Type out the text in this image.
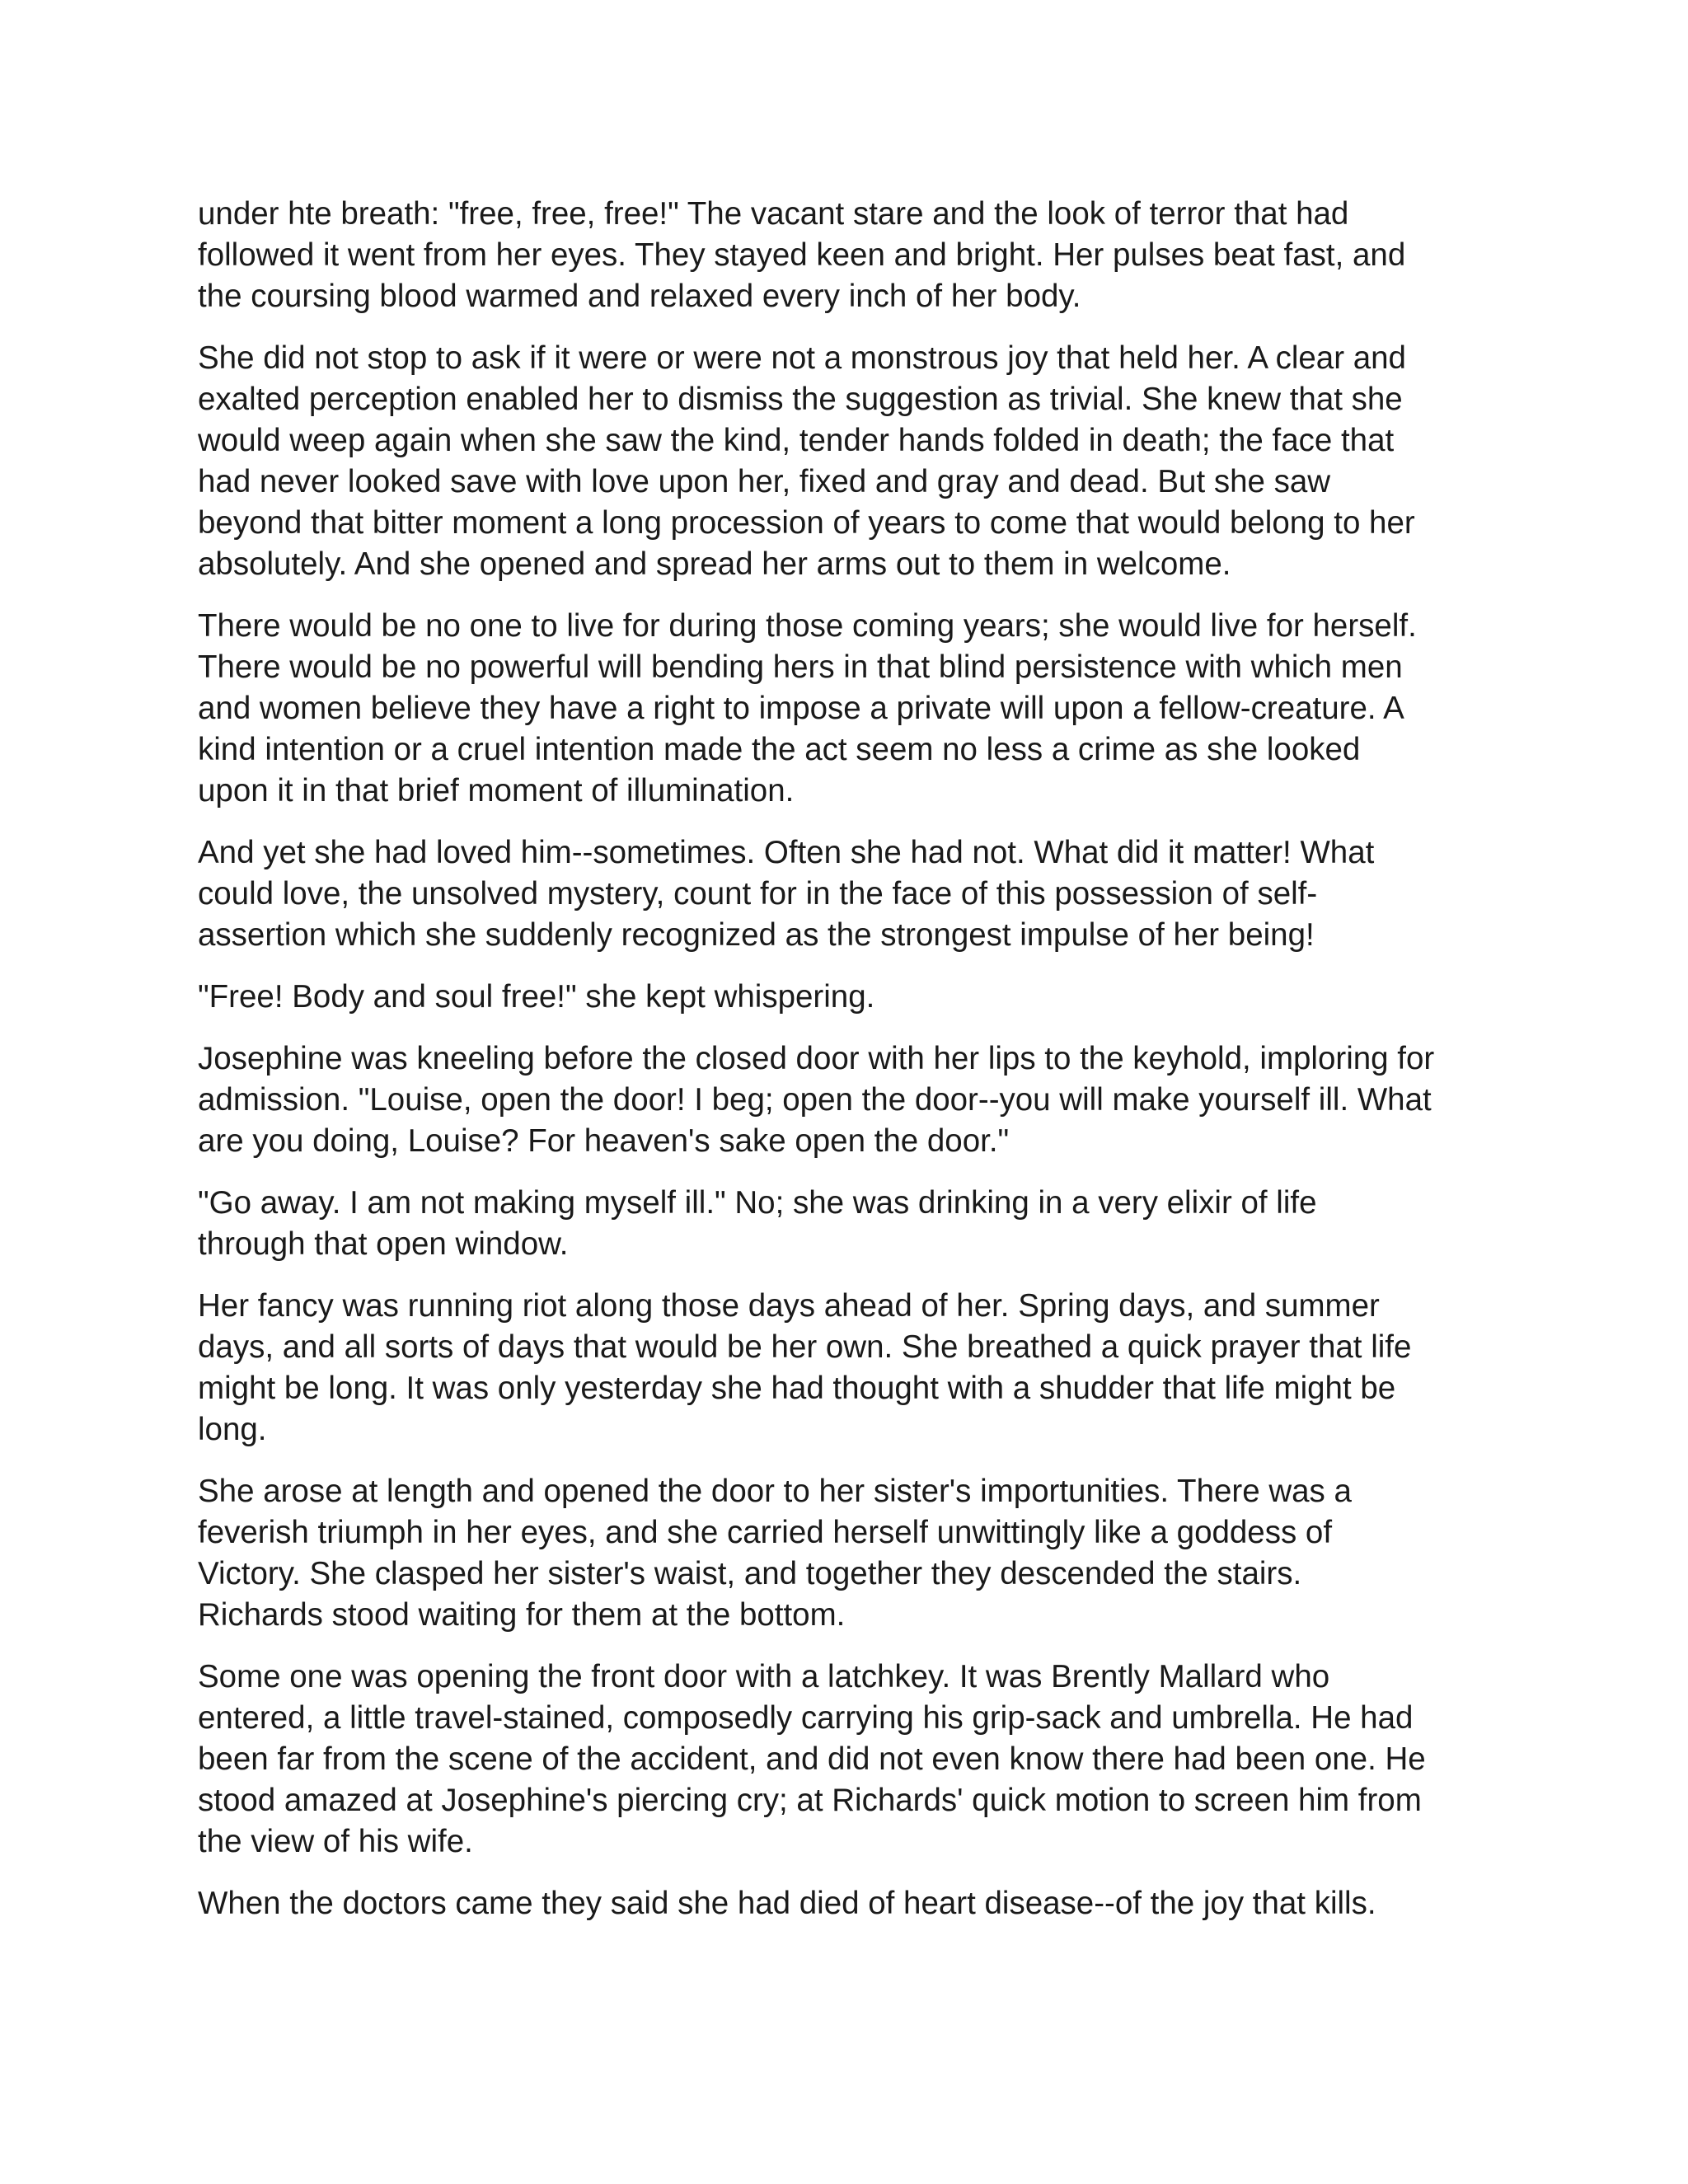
under hte breath: "free, free, free!" The vacant stare and the look of terror that had
followed it went from her eyes. They stayed keen and bright. Her pulses beat fast, and
the coursing blood warmed and relaxed every inch of her body.

She did not stop to ask if it were or were not a monstrous joy that held her. A clear and
exalted perception enabled her to dismiss the suggestion as trivial. She knew that she
would weep again when she saw the kind, tender hands folded in death; the face that
had never looked save with love upon her, fixed and gray and dead. But she saw
beyond that bitter moment a long procession of years to come that would belong to her
absolutely. And she opened and spread her arms out to them in welcome.

There would be no one to live for during those coming years; she would live for herself.
There would be no powerful will bending hers in that blind persistence with which men
and women believe they have a right to impose a private will upon a fellow-creature. A
kind intention or a cruel intention made the act seem no less a crime as she looked
upon it in that brief moment of illumination.

And yet she had loved him--sometimes. Often she had not. What did it matter! What
could love, the unsolved mystery, count for in the face of this possession of self-
assertion which she suddenly recognized as the strongest impulse of her being!

"Free! Body and soul free!" she kept whispering.

Josephine was kneeling before the closed door with her lips to the keyhold, imploring for
admission. "Louise, open the door! I beg; open the door--you will make yourself ill. What
are you doing, Louise? For heaven's sake open the door."

"Go away. I am not making myself ill." No; she was drinking in a very elixir of life
through that open window.

Her fancy was running riot along those days ahead of her. Spring days, and summer
days, and all sorts of days that would be her own. She breathed a quick prayer that life
might be long. It was only yesterday she had thought with a shudder that life might be
long.

She arose at length and opened the door to her sister's importunities. There was a
feverish triumph in her eyes, and she carried herself unwittingly like a goddess of
Victory. She clasped her sister's waist, and together they descended the stairs.
Richards stood waiting for them at the bottom.

Some one was opening the front door with a latchkey. It was Brently Mallard who
entered, a little travel-stained, composedly carrying his grip-sack and umbrella. He had
been far from the scene of the accident, and did not even know there had been one. He
stood amazed at Josephine's piercing cry; at Richards' quick motion to screen him from
the view of his wife.

When the doctors came they said she had died of heart disease--of the joy that kills.
